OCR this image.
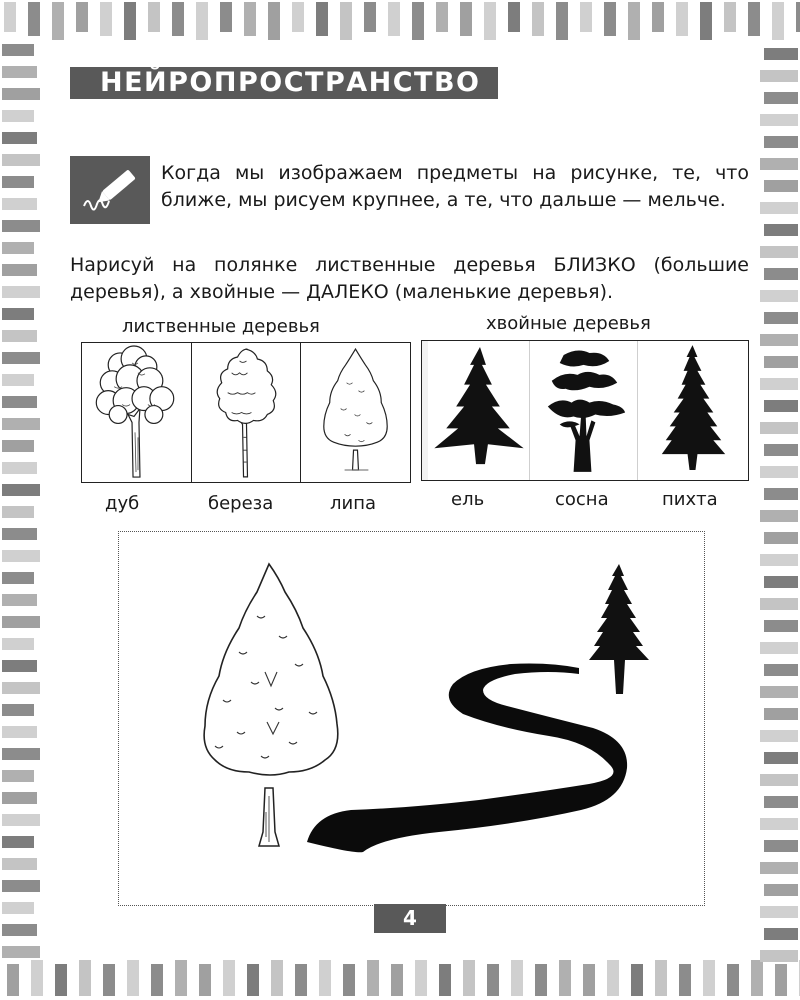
НЕЙРОПРОСТРАНСТВО

Когда мы изображаем предметы на рисунке, те, что ближе, мы рисуем крупнее, а те, что дальше — мельче.

Нарисуй на полянке лиственные деревья БЛИЗКО (большие деревья), а хвойные — ДАЛЕКО (маленькие деревья).

лиственные деревья	хвойные деревья
дуб	береза	липа	ель	сосна	пихта
4
